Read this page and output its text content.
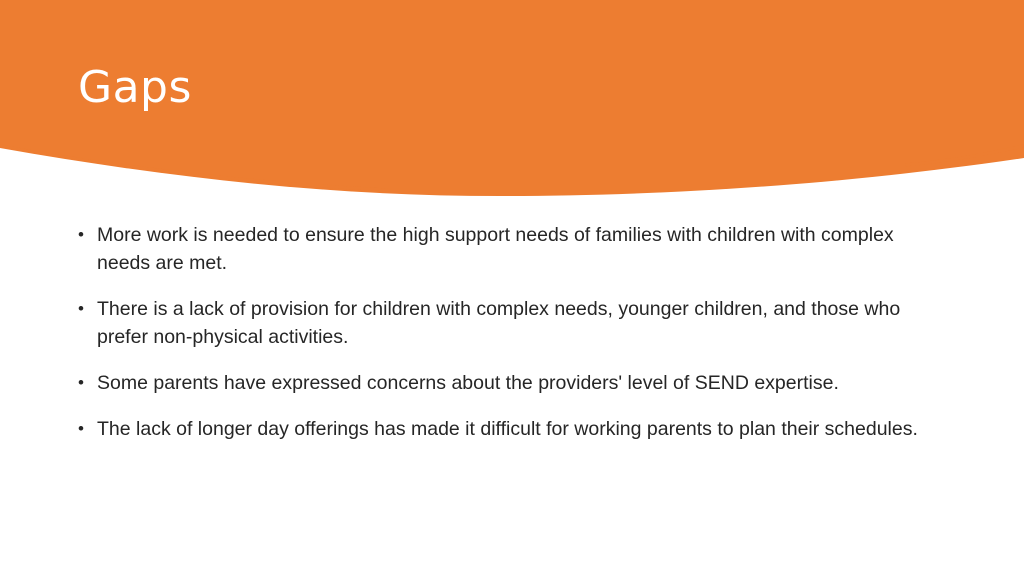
Gaps
• More work is needed to ensure the high support needs of families with children with complex needs are met.
• There is a lack of provision for children with complex needs, younger children, and those who prefer non-physical activities.
• Some parents have expressed concerns about the providers' level of SEND expertise.
• The lack of longer day offerings has made it difficult for working parents to plan their schedules.
